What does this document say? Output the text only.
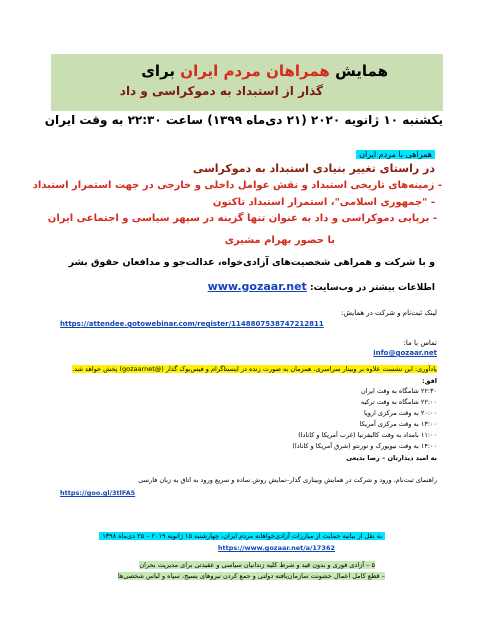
همایش همراهان مردم ایران برای
گذار از استبداد به دموکراسی و داد
یکشنبه ۱۰ ژانویه ۲۰۲۰ (۲۱ دی‌ماه ۱۳۹۹) ساعت ۲۲:۳۰ به وقت ایران
همراهی با مردم ایران
در راستای تغییر بنیادی استبداد به دموکراسی
- زمینه‌های تاریخی استبداد و نقش عوامل داخلی و خارجی در جهت استمرار استبداد
- "جمهوری اسلامی"، استمرار استبداد تاکنون
- برپایی دموکراسی و داد به عنوان تنها گزینه در سپهر سیاسی و اجتماعی ایران
با حضور بهرام مشیری
و با شرکت و همراهی شخصیت‌های آزادی‌خواه، عدالت‌جو و مدافعان حقوق بشر
اطلاعات بیشتر در وب‌سایت: www.gozaar.net
لینک ثبت‌نام و شرکت در همایش:
https://attendee.gotowebinar.com/register/1148807538747212811
تماس با ما:
info@gozaar.net
یادآوری: این نشست علاوه بر وبینار سراسری، همزمان به صورت زنده در اینستاگرام و فیس‌بوک گذار (@gozaarnet) پخش خواهد شد.
افق:
۲۲:۳۰ شامگاه به وقت ایران
۲۲:۰۰ شامگاه به وقت ترکیه
۲۰:۰۰ به وقت مرکزی اروپا
۱۳:۰۰ به وقت مرکزی آمریکا
۱۱:۰۰ بامداد به وقت کالیفرنیا (غرب آمریکا و کانادا)
۱۴:۰۰ به وقت نیویورک و تورنتو (شرق آمریکا و کانادا)
به امید دیدارتان – رضا بدیعی
راهنمای ثبت‌نام، ورود و شرکت در همایش وبیناری گذار–نمایش روش ساده و سریع ورود به اتاق به زبان فارسی
https://goo.gl/3tlFA5
به نقل از بیانیه حمایت از مبارزات آزادی‌خواهانه مردم ایران، چهارشنبه ۱۵ ژانویه ۲۰۱۹ – ۲۵ دی‌ماه ۱۳۹۸
https://www.gozaar.net/a/17362
۵ – آزادی فوری و بدون قید و شرط کلیه زندانیان سیاسی و عقیدتی برای مدیریت بحران
– قطع کامل اعمال خشونت سازمان‌یافته دولتی و جمع کردن نیروهای بسیج، سپاه و لباس شخصی‌ها
